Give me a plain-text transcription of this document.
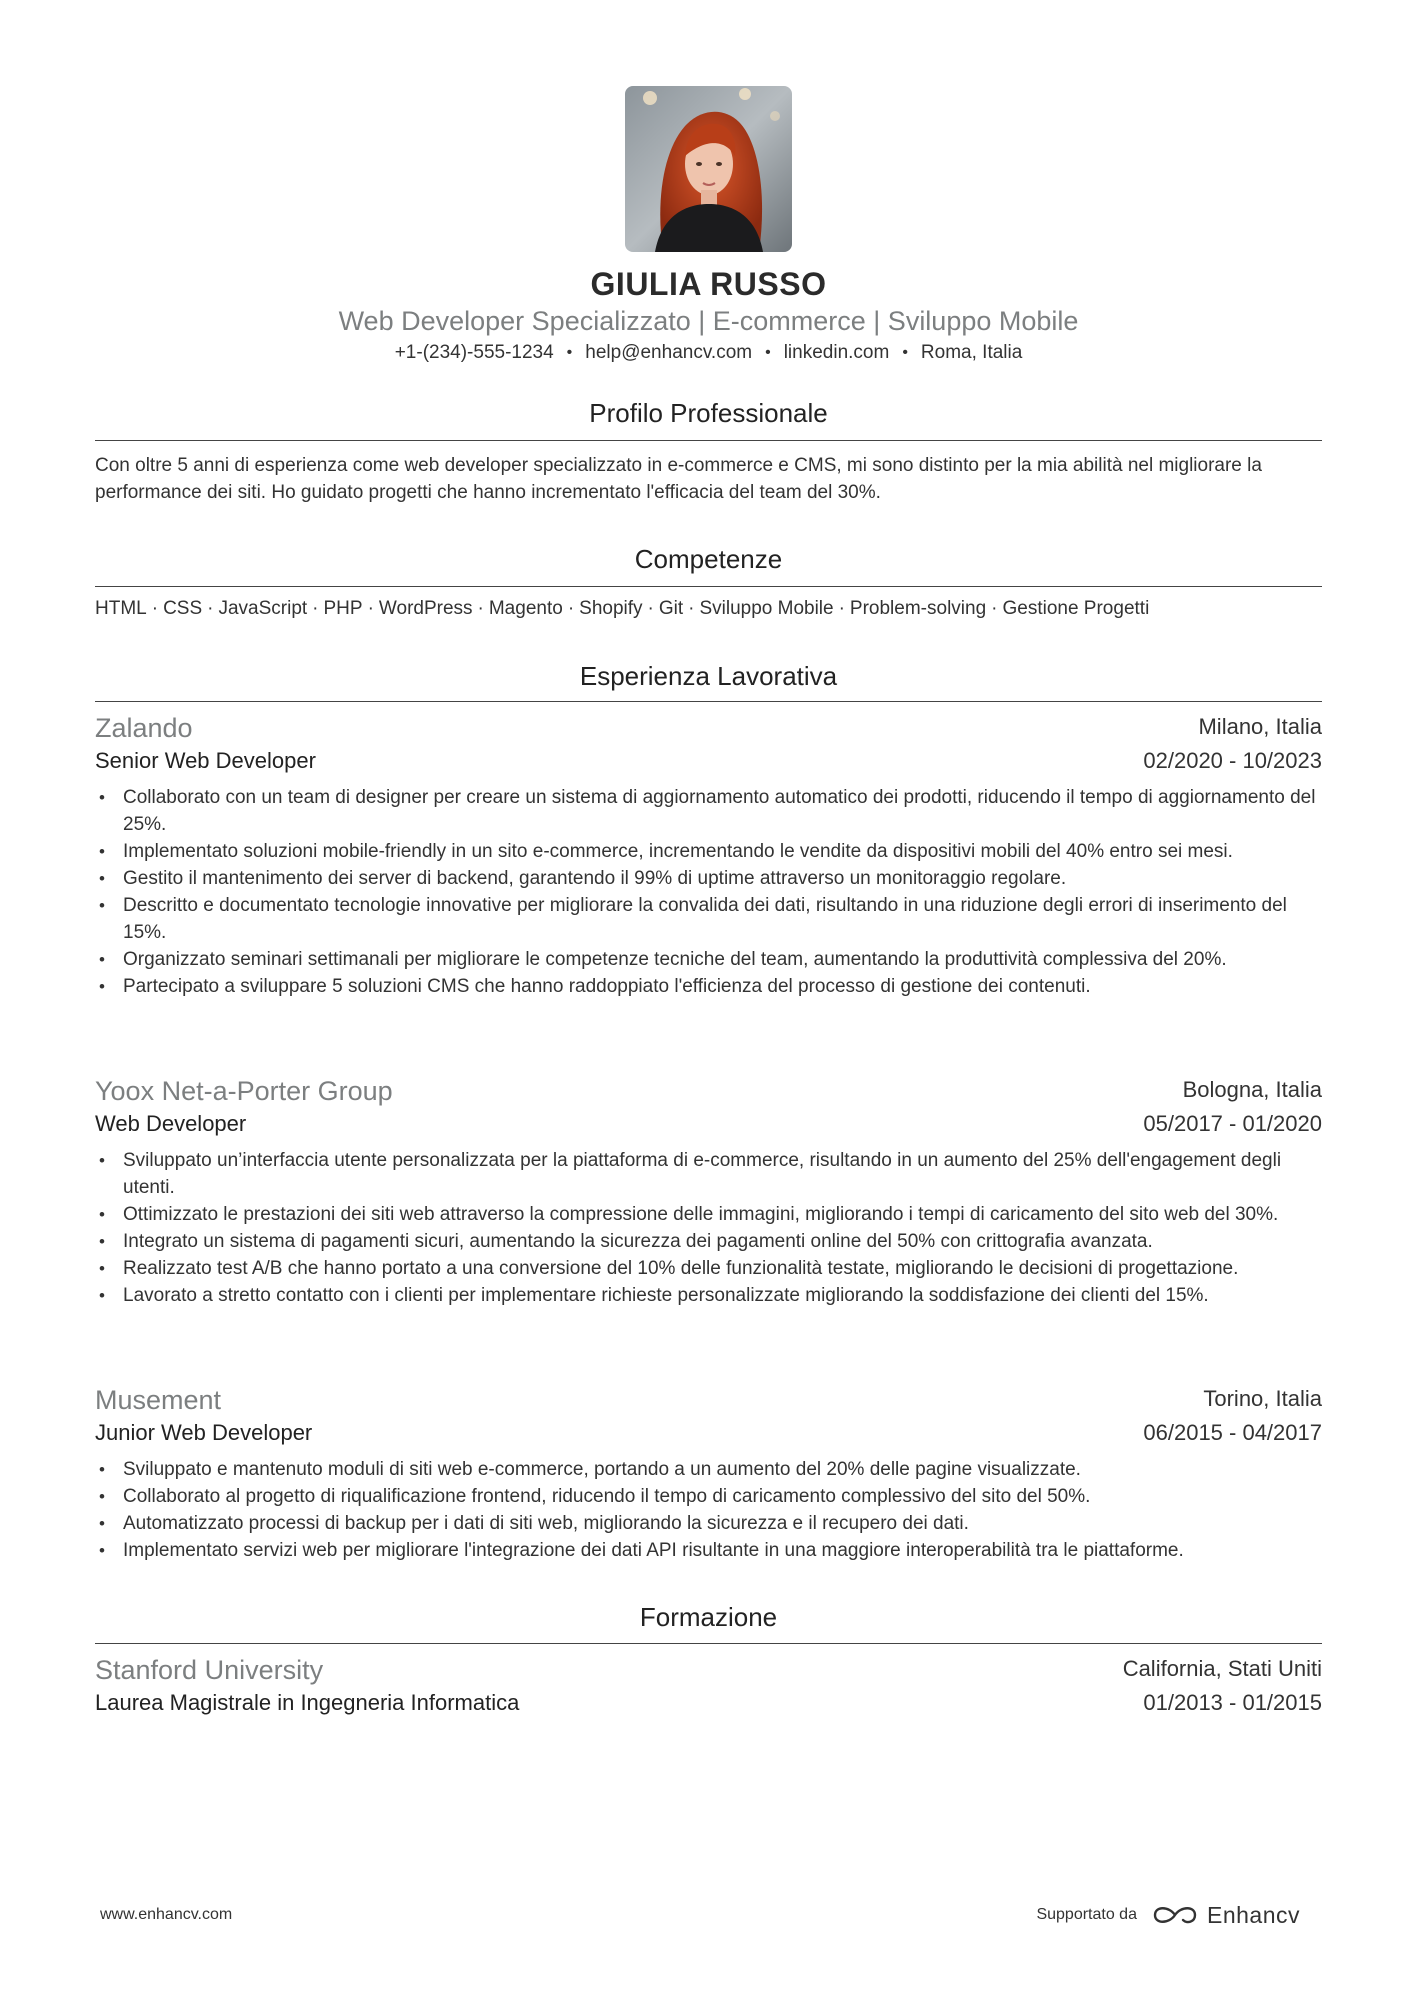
GIULIA RUSSO
Web Developer Specializzato | E-commerce | Sviluppo Mobile
+1-(234)-555-1234 • help@enhancv.com • linkedin.com • Roma, Italia
Profilo Professionale

Con oltre 5 anni di esperienza come web developer specializzato in e-commerce e CMS, mi sono distinto per la mia abilità nel migliorare la performance dei siti. Ho guidato progetti che hanno incrementato l'efficacia del team del 30%.

Competenze
HTML · CSS · JavaScript · PHP · WordPress · Magento · Shopify · Git · Sviluppo Mobile · Problem-solving · Gestione Progetti
Esperienza Lavorativa
Zalando	Milano, Italia
Senior Web Developer	02/2020 - 10/2023
• Collaborato con un team di designer per creare un sistema di aggiornamento automatico dei prodotti, riducendo il tempo di aggiornamento del 25%.
• Implementato soluzioni mobile-friendly in un sito e-commerce, incrementando le vendite da dispositivi mobili del 40% entro sei mesi.
• Gestito il mantenimento dei server di backend, garantendo il 99% di uptime attraverso un monitoraggio regolare.
• Descritto e documentato tecnologie innovative per migliorare la convalida dei dati, risultando in una riduzione degli errori di inserimento del 15%.
• Organizzato seminari settimanali per migliorare le competenze tecniche del team, aumentando la produttività complessiva del 20%.
• Partecipato a sviluppare 5 soluzioni CMS che hanno raddoppiato l'efficienza del processo di gestione dei contenuti.
Yoox Net-a-Porter Group	Bologna, Italia
Web Developer	05/2017 - 01/2020
• Sviluppato un’interfaccia utente personalizzata per la piattaforma di e-commerce, risultando in un aumento del 25% dell'engagement degli utenti.
• Ottimizzato le prestazioni dei siti web attraverso la compressione delle immagini, migliorando i tempi di caricamento del sito web del 30%.
• Integrato un sistema di pagamenti sicuri, aumentando la sicurezza dei pagamenti online del 50% con crittografia avanzata.
• Realizzato test A/B che hanno portato a una conversione del 10% delle funzionalità testate, migliorando le decisioni di progettazione.
• Lavorato a stretto contatto con i clienti per implementare richieste personalizzate migliorando la soddisfazione dei clienti del 15%.
Musement	Torino, Italia
Junior Web Developer	06/2015 - 04/2017
• Sviluppato e mantenuto moduli di siti web e-commerce, portando a un aumento del 20% delle pagine visualizzate.
• Collaborato al progetto di riqualificazione frontend, riducendo il tempo di caricamento complessivo del sito del 50%.
• Automatizzato processi di backup per i dati di siti web, migliorando la sicurezza e il recupero dei dati.
• Implementato servizi web per migliorare l'integrazione dei dati API risultante in una maggiore interoperabilità tra le piattaforme.
Formazione
Stanford University	California, Stati Uniti
Laurea Magistrale in Ingegneria Informatica	01/2013 - 01/2015
www.enhancv.com	Supportato da	Enhancv
